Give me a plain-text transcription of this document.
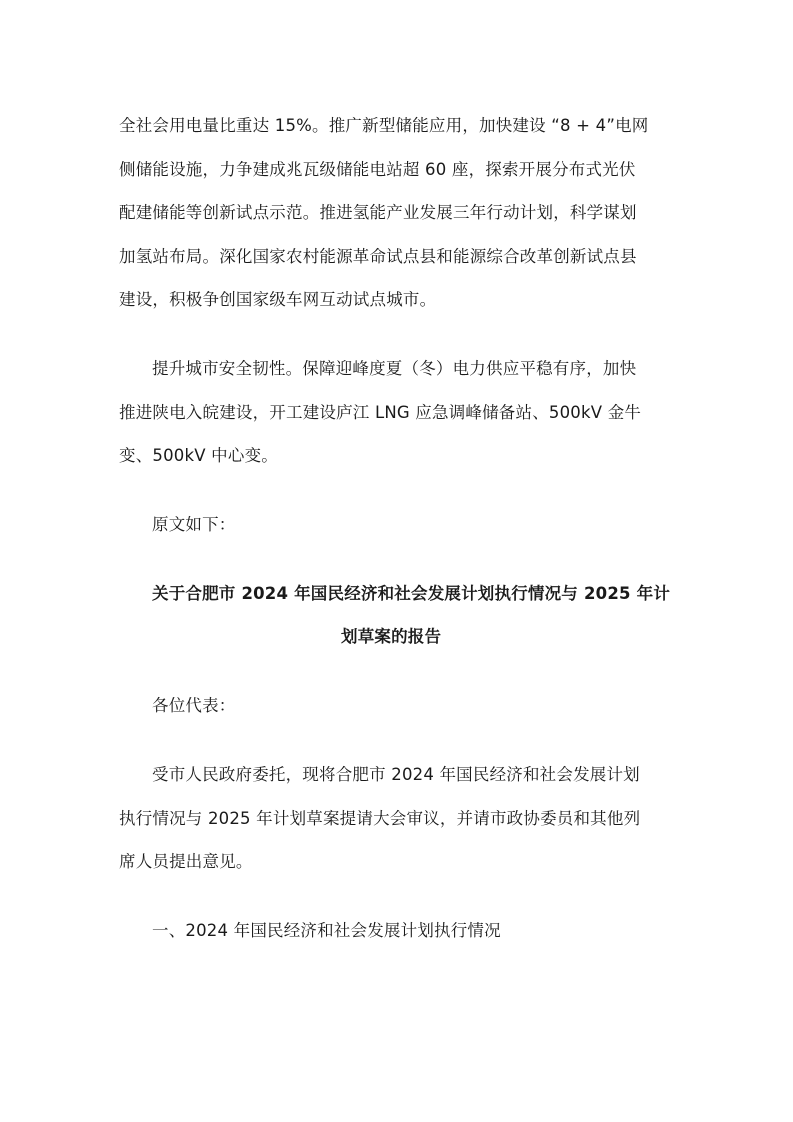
全社会用电量比重达 15%。推广新型储能应用，加快建设 “8 + 4”电网
侧储能设施，力争建成兆瓦级储能电站超 60 座，探索开展分布式光伏
配建储能等创新试点示范。推进氢能产业发展三年行动计划，科学谋划
加氢站布局。深化国家农村能源革命试点县和能源综合改革创新试点县
建设，积极争创国家级车网互动试点城市。
提升城市安全韧性。保障迎峰度夏（冬）电力供应平稳有序，加快
推进陕电入皖建设，开工建设庐江 LNG 应急调峰储备站、500kV 金牛
变、500kV 中心变。
原文如下：
关于合肥市 2024 年国民经济和社会发展计划执行情况与 2025 年计
划草案的报告
各位代表：
受市人民政府委托，现将合肥市 2024 年国民经济和社会发展计划
执行情况与 2025 年计划草案提请大会审议，并请市政协委员和其他列
席人员提出意见。
一、2024 年国民经济和社会发展计划执行情况
